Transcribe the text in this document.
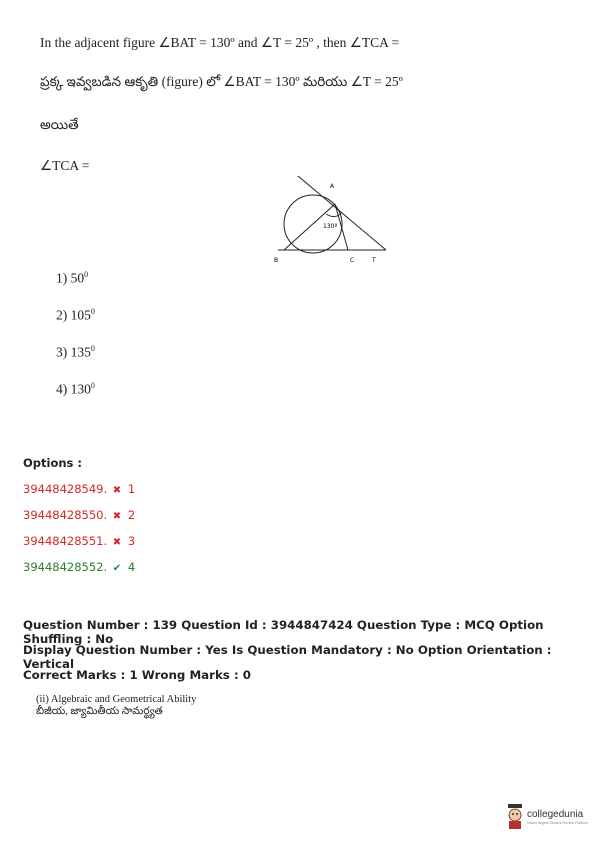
In the adjacent figure ∠BAT = 130º and ∠T = 25º , then ∠TCA =
ప్రక్క ఇవ్వబడిన ఆకృతి (figure) లో ∠BAT = 130º మరియు ∠T = 25º
అయితే
∠TCA =
A
B	C	T
130º
1) $50^0$
2) $105^0$
3) $135^0$
4) $130^0$
Options :
39448428549. ✖ 1
39448428550. ✖ 2
39448428551. ✖ 3
39448428552. ✔ 4
Question Number : 139 Question Id : 3944847424 Question Type : MCQ Option Shuffling : No
Display Question Number : Yes Is Question Mandatory : No Option Orientation : Vertical
Correct Marks : 1 Wrong Marks : 0
(ii) Algebraic and Geometrical Ability
బీజీయ, జ్యామితీయ సామర్థ్యత
collegedunia
India's largest Student Review Platform
